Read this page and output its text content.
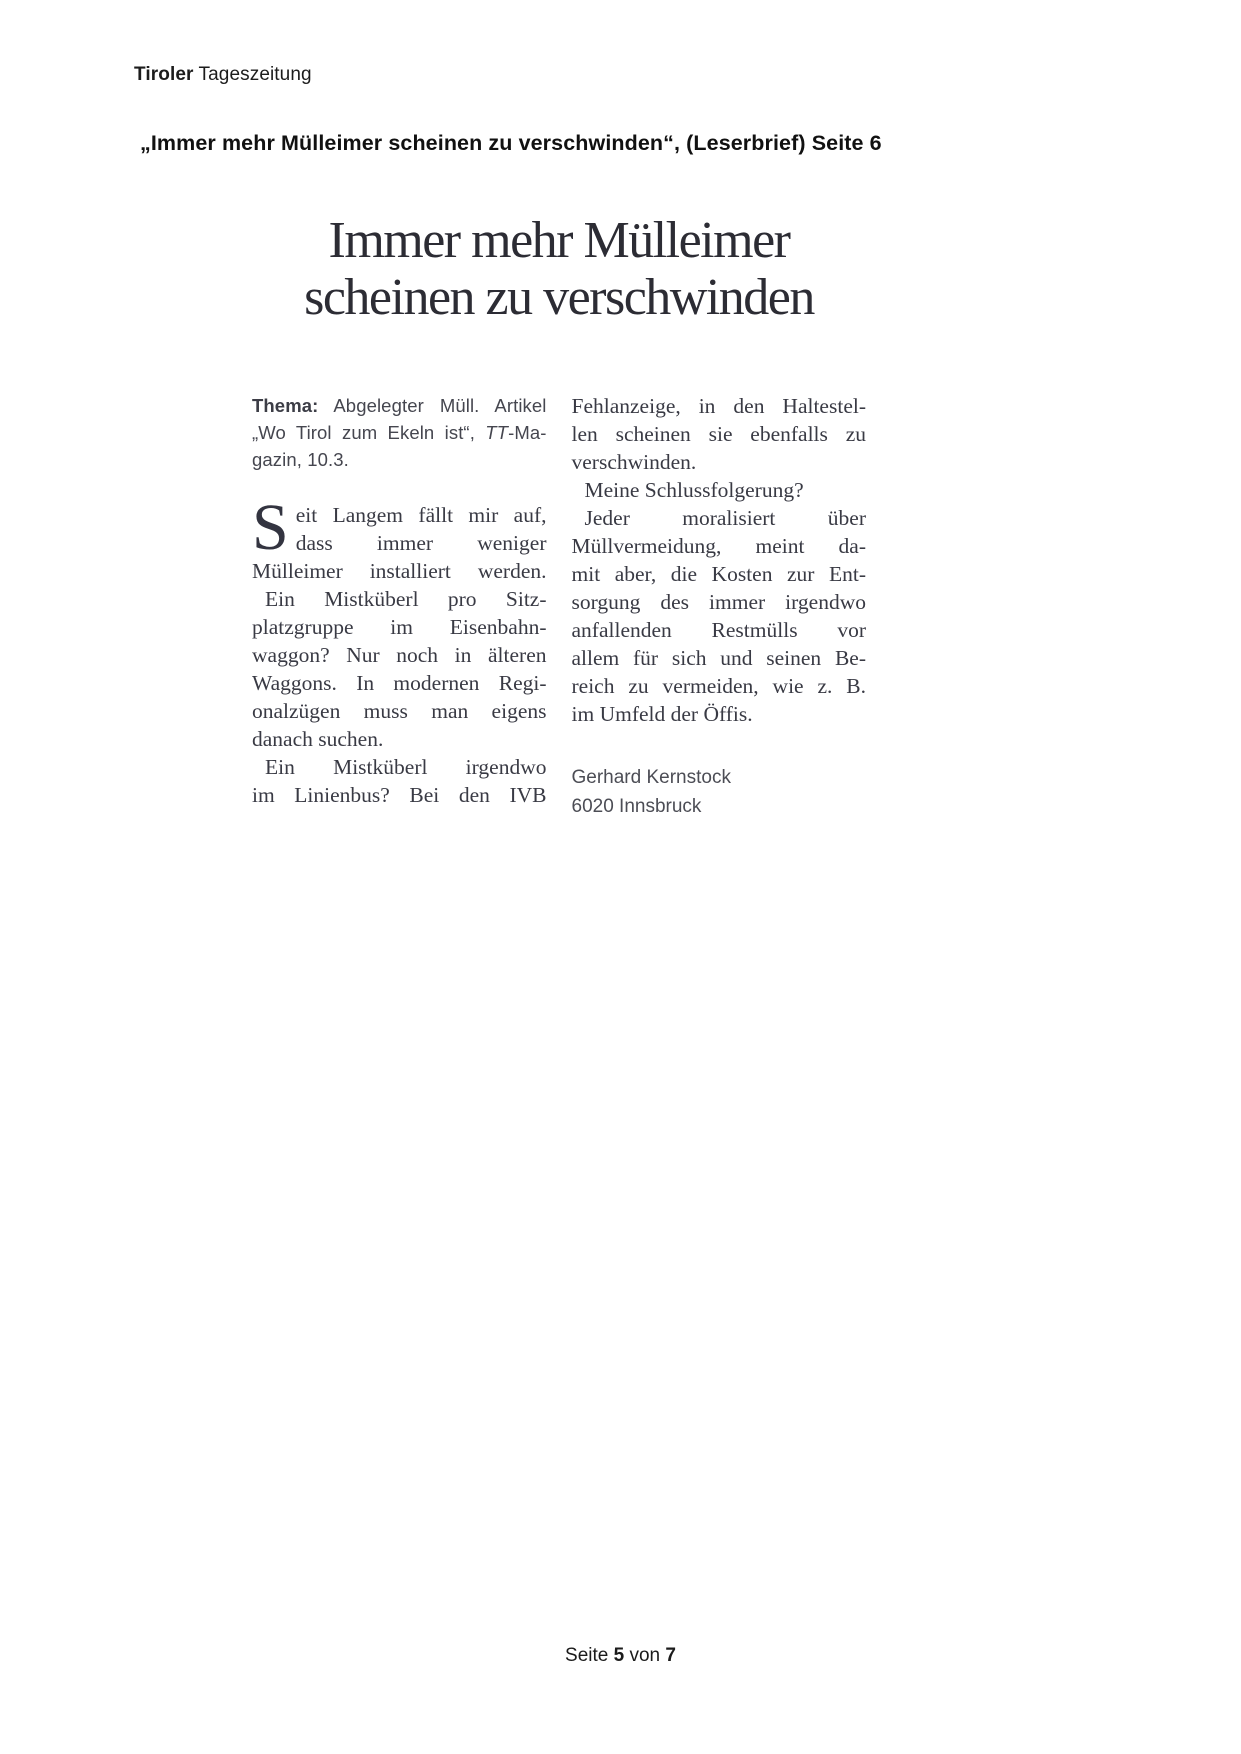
Tiroler Tageszeitung
„Immer mehr Mülleimer scheinen zu verschwinden“, (Leserbrief) Seite 6
Immer mehr Mülleimer
scheinen zu verschwinden
Thema: Abgelegter Müll. Artikel
„Wo Tirol zum Ekeln ist“, TT-Ma-
gazin, 10.3.
S eit Langem fällt mir auf,
dass immer weniger
Mülleimer installiert werden.
Ein Mistküberl pro Sitz-
platzgruppe im Eisenbahn-
waggon? Nur noch in älteren
Waggons. In modernen Regi-
onalzügen muss man eigens
danach suchen.
Ein Mistküberl irgendwo
im Linienbus? Bei den IVB
Fehlanzeige, in den Haltestel-
len scheinen sie ebenfalls zu
verschwinden.
Meine Schlussfolgerung?
Jeder moralisiert über
Müllvermeidung, meint da-
mit aber, die Kosten zur Ent-
sorgung des immer irgendwo
anfallenden Restmülls vor
allem für sich und seinen Be-
reich zu vermeiden, wie z. B.
im Umfeld der Öffis.
Gerhard Kernstock
6020 Innsbruck
Seite 5 von 7
